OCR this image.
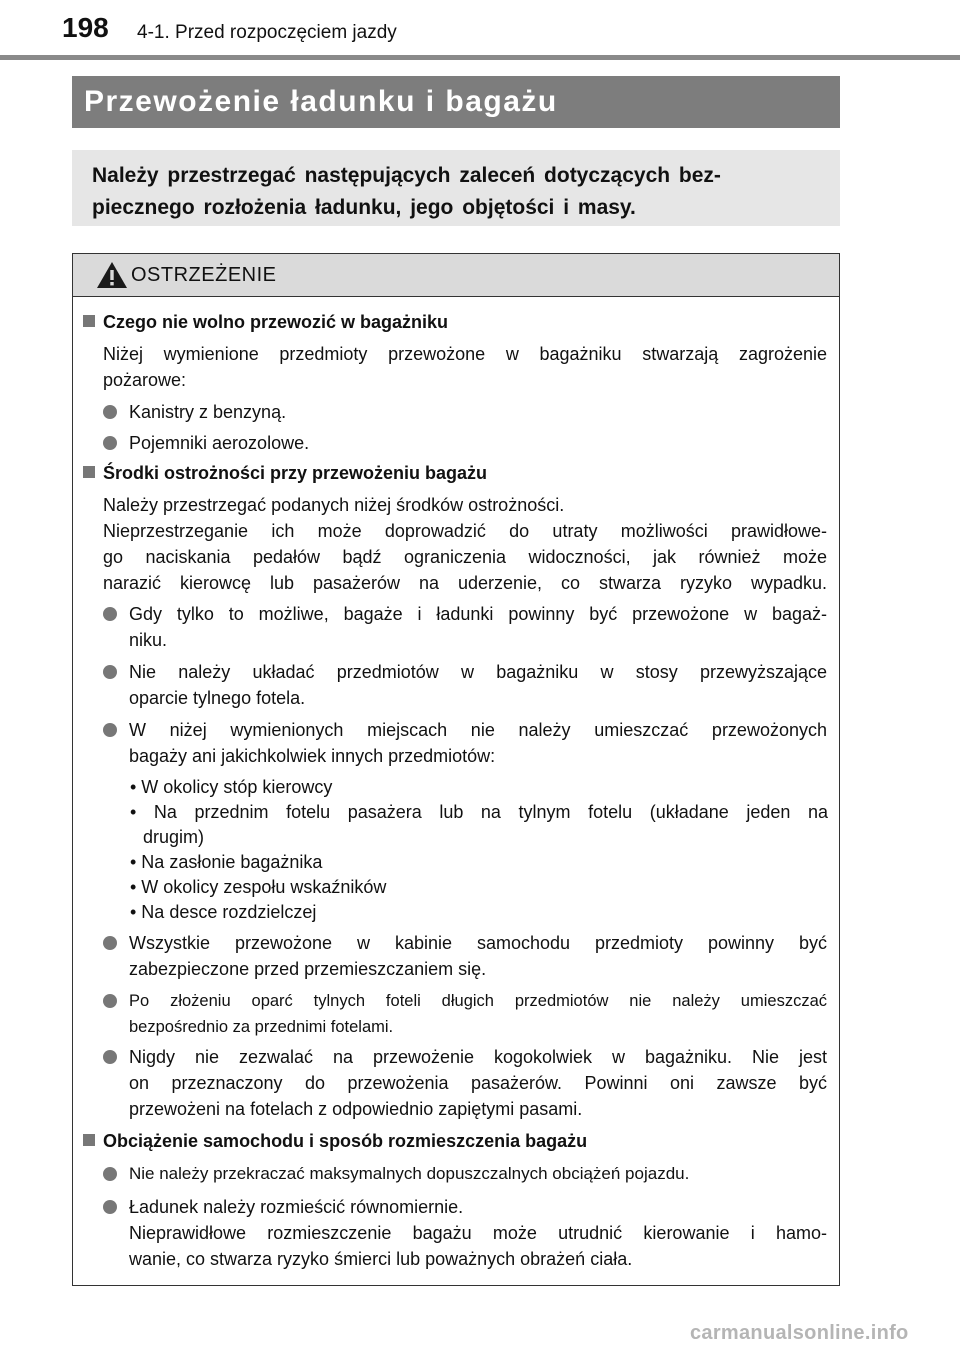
198 4-1. Przed rozpoczęciem jazdy
Przewożenie ładunku i bagażu

Należy przestrzegać następujących zaleceń dotyczących bez-
piecznego rozłożenia ładunku, jego objętości i masy.

OSTRZEŻENIE
Czego nie wolno przewozić w bagażniku
Niżej wymienione przedmioty przewożone w bagażniku stwarzają zagrożenie
pożarowe:
Kanistry z benzyną.
Pojemniki aerozolowe.
Środki ostrożności przy przewożeniu bagażu
Należy przestrzegać podanych niżej środków ostrożności.
Nieprzestrzeganie ich może doprowadzić do utraty możliwości prawidłowe-
go naciskania pedałów bądź ograniczenia widoczności, jak również może
narazić kierowcę lub pasażerów na uderzenie, co stwarza ryzyko wypadku.
Gdy tylko to możliwe, bagaże i ładunki powinny być przewożone w bagaż-
niku.
Nie należy układać przedmiotów w bagażniku w stosy przewyższające
oparcie tylnego fotela.
W niżej wymienionych miejscach nie należy umieszczać przewożonych
bagaży ani jakichkolwiek innych przedmiotów:
• W okolicy stóp kierowcy
• Na przednim fotelu pasażera lub na tylnym fotelu (układane jeden na
drugim)
• Na zasłonie bagażnika
• W okolicy zespołu wskaźników
• Na desce rozdzielczej
Wszystkie przewożone w kabinie samochodu przedmioty powinny być
zabezpieczone przed przemieszczaniem się.
Po złożeniu oparć tylnych foteli długich przedmiotów nie należy umieszczać
bezpośrednio za przednimi fotelami.
Nigdy nie zezwalać na przewożenie kogokolwiek w bagażniku. Nie jest
on przeznaczony do przewożenia pasażerów. Powinni oni zawsze być
przewożeni na fotelach z odpowiednio zapiętymi pasami.
Obciążenie samochodu i sposób rozmieszczenia bagażu
Nie należy przekraczać maksymalnych dopuszczalnych obciążeń pojazdu.
Ładunek należy rozmieścić równomiernie.
Nieprawidłowe rozmieszczenie bagażu może utrudnić kierowanie i hamo-
wanie, co stwarza ryzyko śmierci lub poważnych obrażeń ciała.
carmanualsonline.info
